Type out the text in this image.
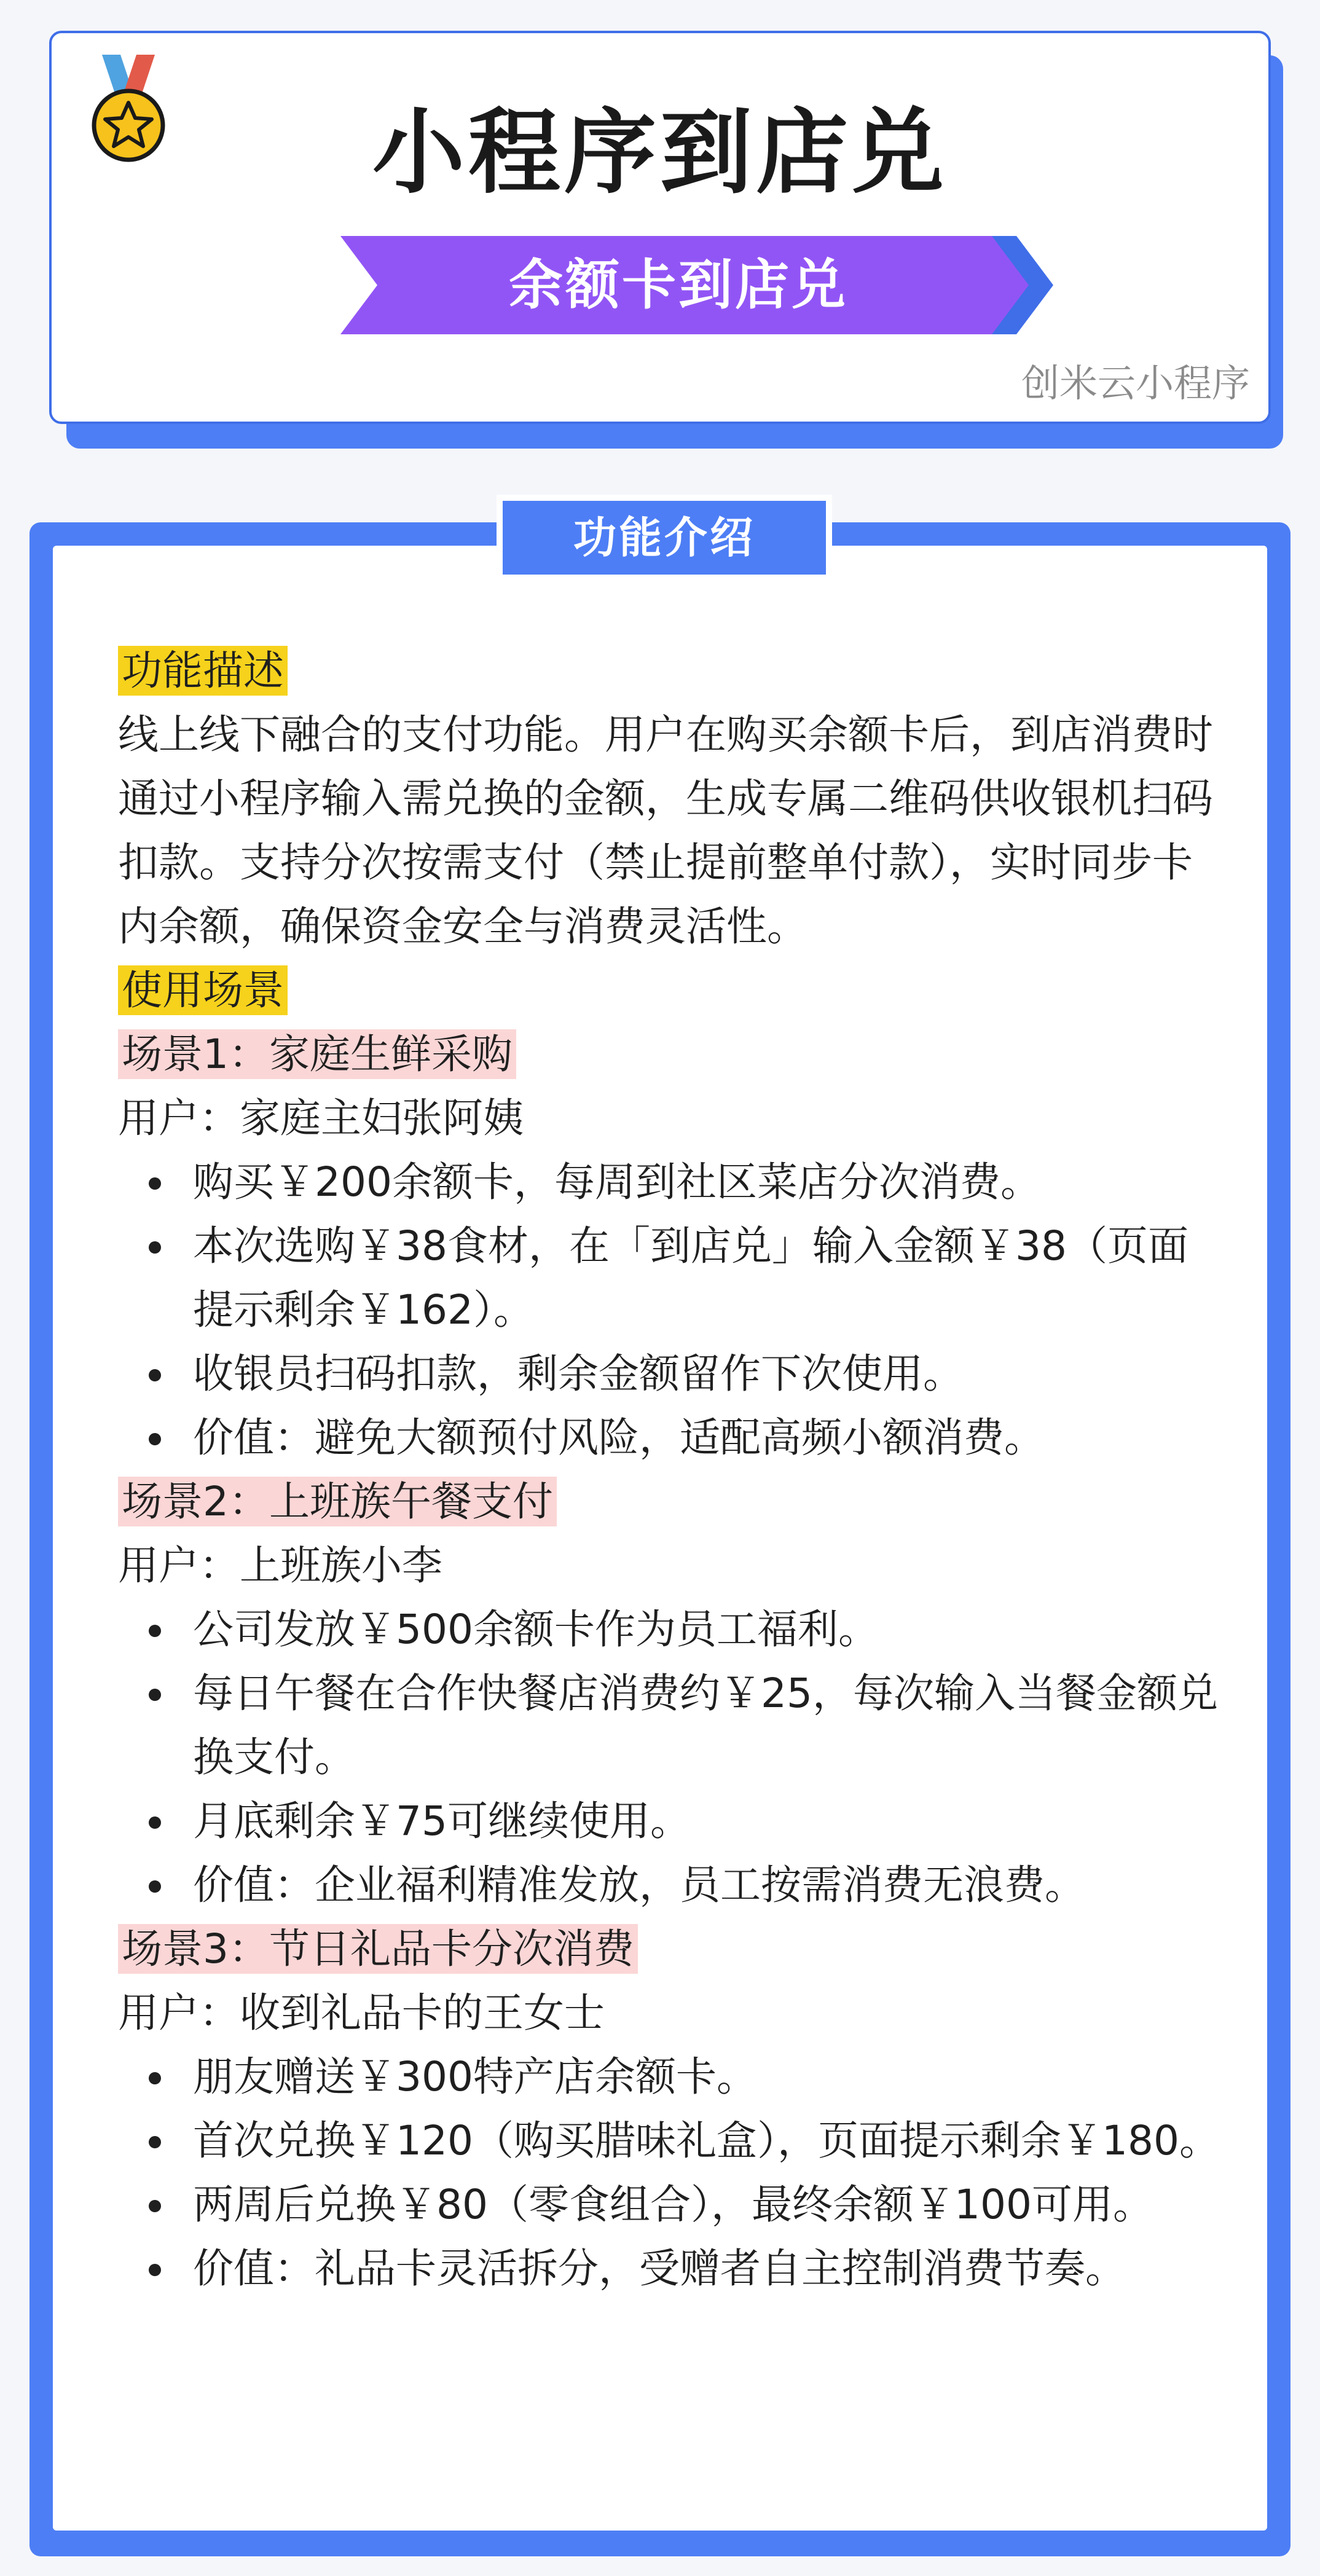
小程序到店兑
余额卡到店兑
创米云小程序
功能介绍

功能描述

线上线下融合的支付功能。用户在购买余额卡后，到店消费时通过小程序输入需兑换的金额，生成专属二维码供收银机扫码扣款。支持分次按需支付（禁止提前整单付款），实时同步卡内余额，确保资金安全与消费灵活性。

使用场景

场景1：家庭生鲜采购

用户：家庭主妇张阿姨

购买￥200余额卡，每周到社区菜店分次消费。
本次选购￥38食材，在「到店兑」输入金额￥38（页面提示剩余￥162）。
收银员扫码扣款，剩余金额留作下次使用。
价值：避免大额预付风险，适配高频小额消费。

场景2：上班族午餐支付

用户：上班族小李

公司发放￥500余额卡作为员工福利。
每日午餐在合作快餐店消费约￥25，每次输入当餐金额兑换支付。
月底剩余￥75可继续使用。
价值：企业福利精准发放，员工按需消费无浪费。

场景3：节日礼品卡分次消费

用户：收到礼品卡的王女士

朋友赠送￥300特产店余额卡。
首次兑换￥120（购买腊味礼盒），页面提示剩余￥180。
两周后兑换￥80（零食组合），最终余额￥100可用。
价值：礼品卡灵活拆分，受赠者自主控制消费节奏。
